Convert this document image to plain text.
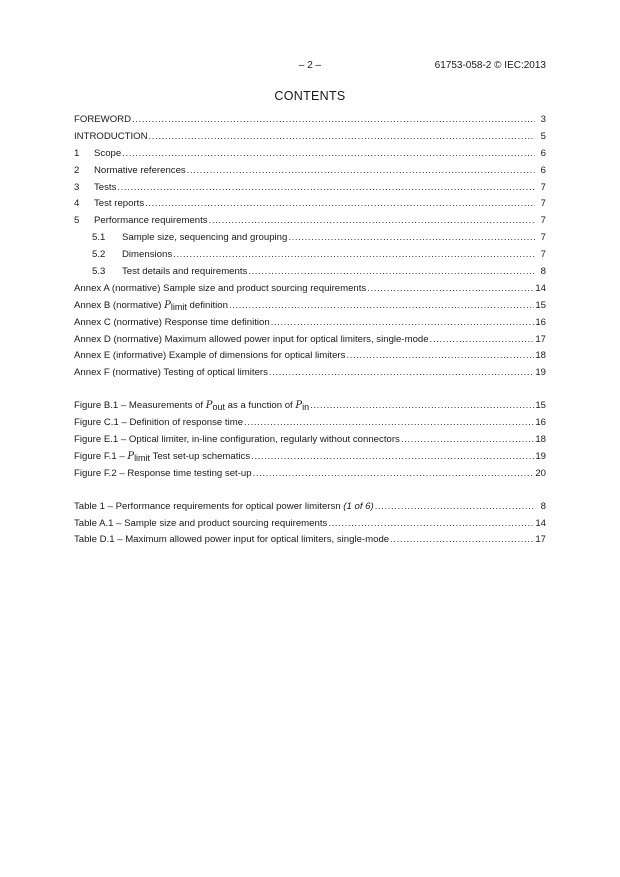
– 2 –	61753-058-2 © IEC:2013
CONTENTS
FOREWORD .....	3
INTRODUCTION .....	5
1	Scope .....	6
2	Normative references .....	6
3	Tests .....	7
4	Test reports .....	7
5	Performance requirements .....	7
5.1	Sample size, sequencing and grouping .....	7
5.2	Dimensions .....	7
5.3	Test details and requirements .....	8
Annex A (normative) Sample size and product sourcing requirements .....	14
Annex B (normative) $P_{limit}$ definition .....	15
Annex C (normative) Response time definition .....	16
Annex D (normative) Maximum allowed power input for optical limiters, single-mode .....	17
Annex E (informative) Example of dimensions for optical limiters .....	18
Annex F (normative) Testing of optical limiters .....	19
Figure B.1 – Measurements of $P_{out}$ as a function of $P_{in}$ .....	15
Figure C.1 – Definition of response time .....	16
Figure E.1 – Optical limiter, in-line configuration, regularly without connectors .....	18
Figure $F.1 - P_{limit}$ Test set-up schematics .....	19
Figure F.2 – Response time testing set-up .....	20
Table 1 – Performance requirements for optical power limitersn (1 of 6) .....	8
Table A.1 – Sample size and product sourcing requirements .....	14
Table D.1 – Maximum allowed power input for optical limiters, single-mode .....	17
